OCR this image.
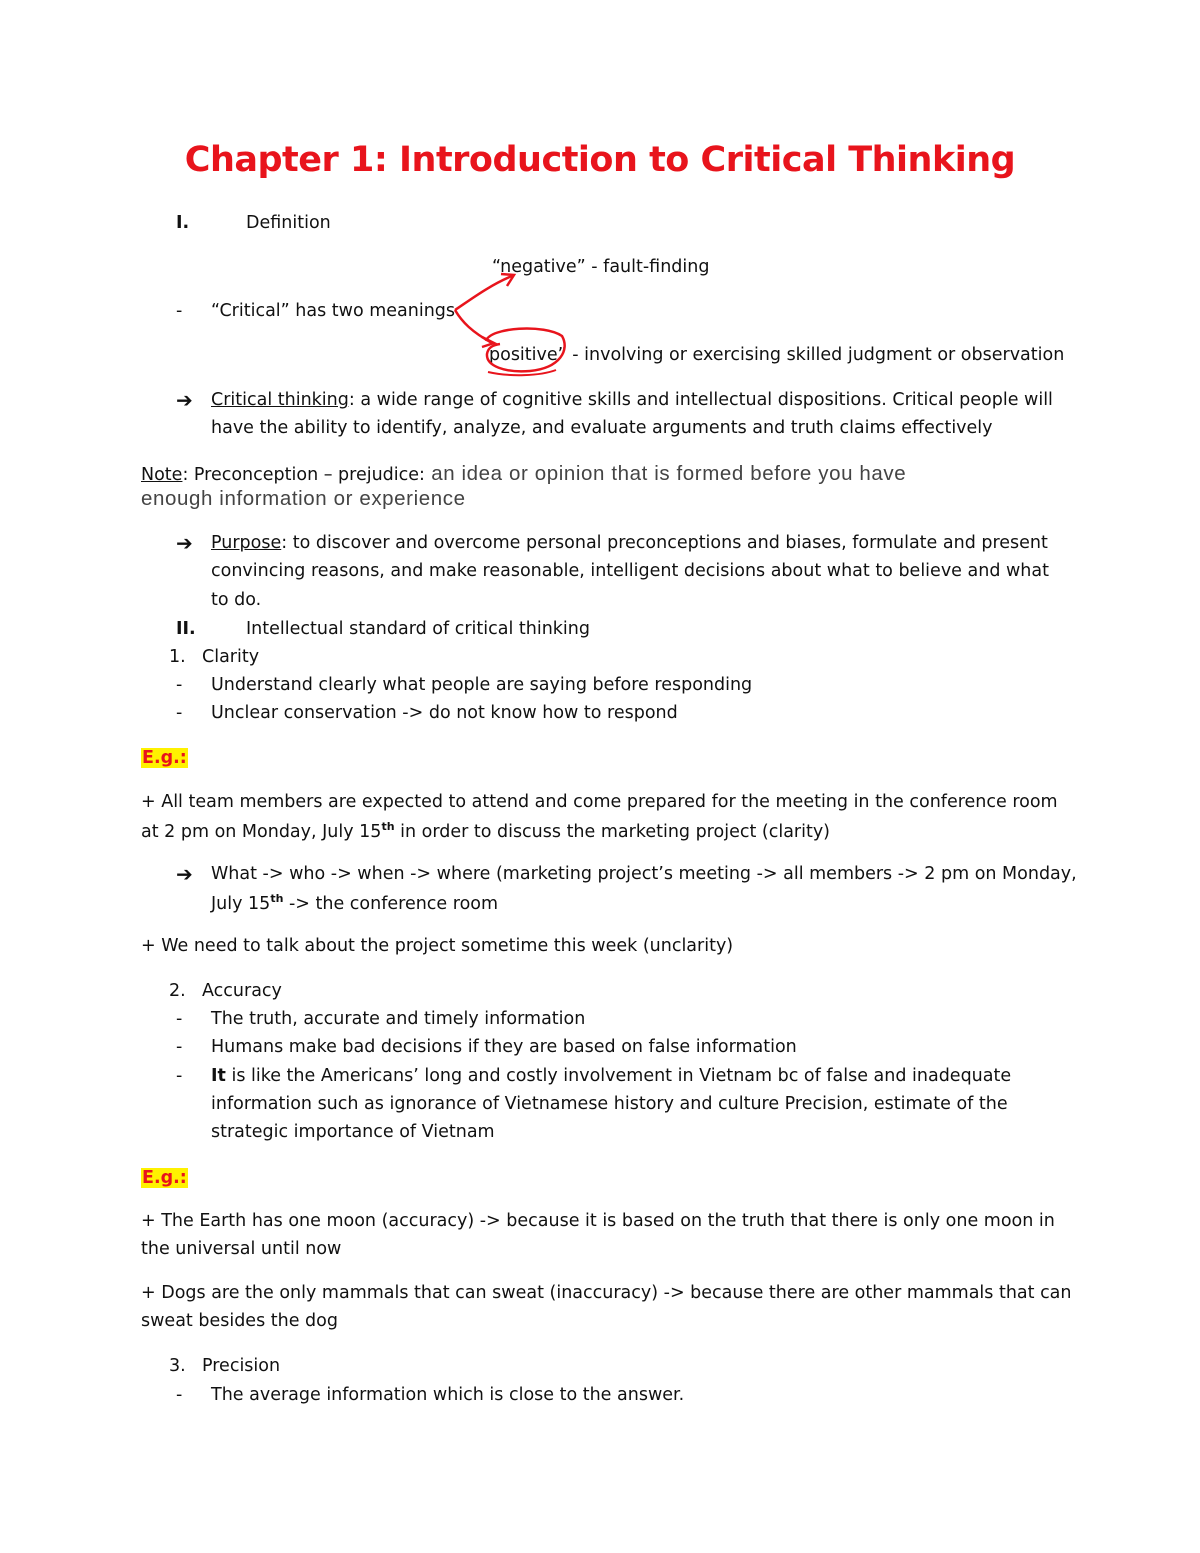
Chapter 1: Introduction to Critical Thinking
I.	Definition
“negative” - fault-finding
- “Critical” has two meanings
positive” - involving or exercising skilled judgment or observation
➔ Critical thinking: a wide range of cognitive skills and intellectual dispositions. Critical people will
have the ability to identify, analyze, and evaluate arguments and truth claims effectively
Note: Preconception – prejudice: an idea or opinion that is formed before you have
enough information or experience
➔ Purpose: to discover and overcome personal preconceptions and biases, formulate and present
convincing reasons, and make reasonable, intelligent decisions about what to believe and what
to do.
II.	Intellectual standard of critical thinking
1. Clarity
- Understand clearly what people are saying before responding
- Unclear conservation -> do not know how to respond
E.g.:
+ All team members are expected to attend and come prepared for the meeting in the conference room
at 2 pm on Monday, July 15th in order to discuss the marketing project (clarity)
➔ What -> who -> when -> where (marketing project’s meeting -> all members -> 2 pm on Monday,
July 15th -> the conference room
+ We need to talk about the project sometime this week (unclarity)
2. Accuracy
- The truth, accurate and timely information
- Humans make bad decisions if they are based on false information
- It is like the Americans’ long and costly involvement in Vietnam bc of false and inadequate
information such as ignorance of Vietnamese history and culture Precision, estimate of the
strategic importance of Vietnam
E.g.:
+ The Earth has one moon (accuracy) -> because it is based on the truth that there is only one moon in
the universal until now
+ Dogs are the only mammals that can sweat (inaccuracy) -> because there are other mammals that can
sweat besides the dog
3. Precision
- The average information which is close to the answer.
